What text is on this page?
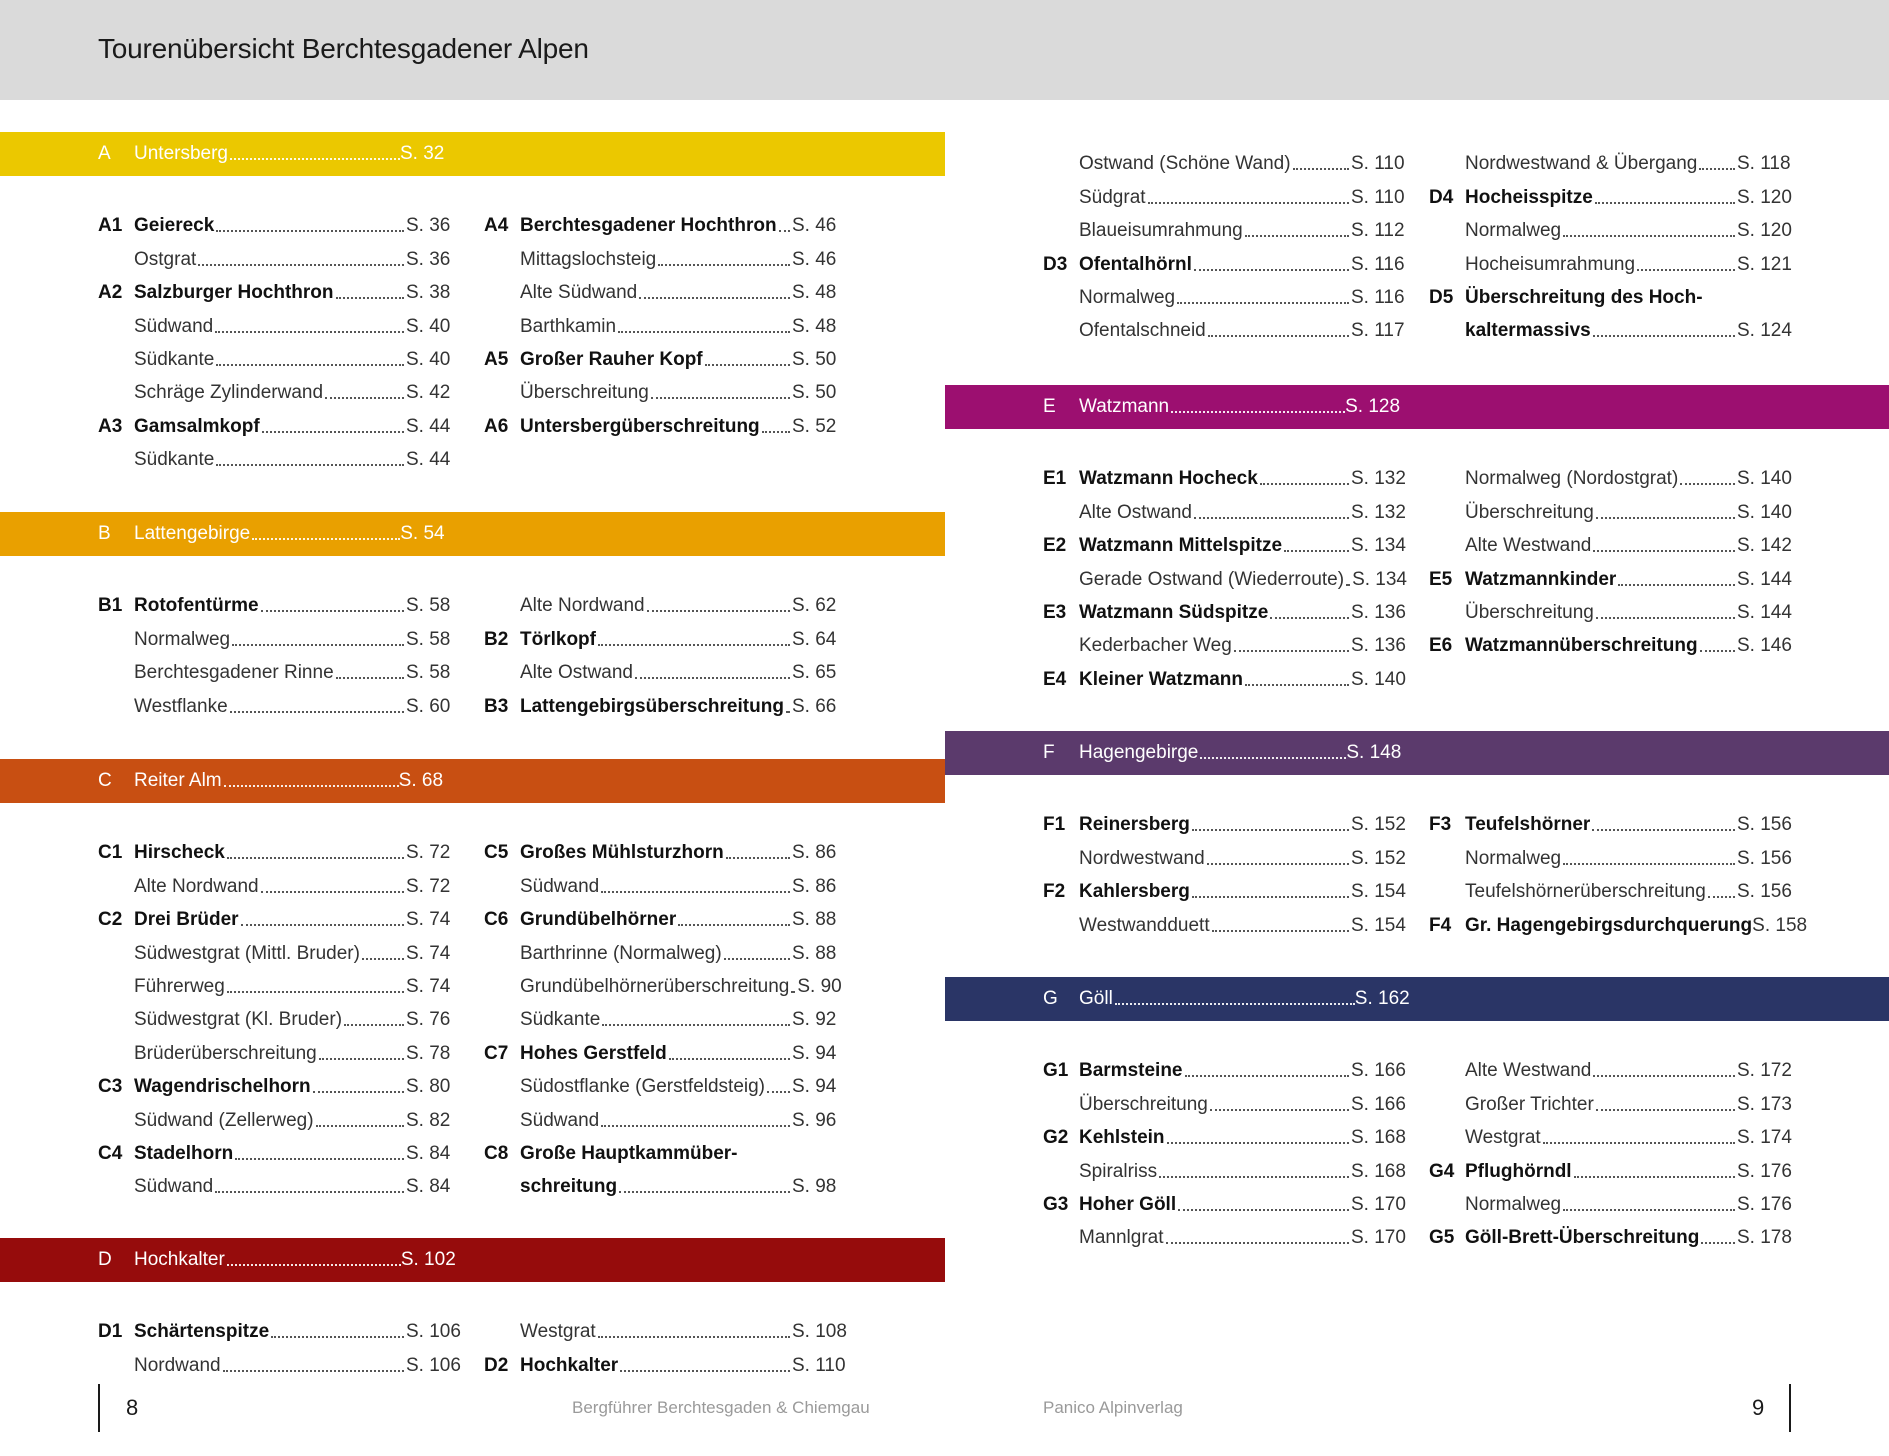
Tourenübersicht Berchtesgadener Alpen
A	Untersberg	S. 32
B	Lattengebirge	S. 54
C	Reiter Alm	S. 68
D	Hochkalter	S. 102
E	Watzmann	S. 128
F	Hagengebirge	S. 148
G	Göll	S. 162
A1 Geiereck	S. 36
Ostgrat	S. 36
A2 Salzburger Hochthron	S. 38
Südwand	S. 40
Südkante	S. 40
Schräge Zylinderwand	S. 42
A3 Gamsalmkopf	S. 44
Südkante	S. 44
A4 Berchtesgadener Hochthron S. 46
Mittagslochsteig	S. 46
Alte Südwand	S. 48
Barthkamin	S. 48
A5 Großer Rauher Kopf	S. 50
Überschreitung	S. 50
A6 Untersbergüberschreitung S. 52
B1 Rotofentürme	S. 58
Normalweg	S. 58
Berchtesgadener Rinne	S. 58
Westflanke	S. 60
Alte Nordwand	S. 62
B2 Törlkopf	S. 64
Alte Ostwand	S. 65
B3 Lattengebirgsüberschreitung S. 66
C1 Hirscheck	S. 72
Alte Nordwand	S. 72
C2 Drei Brüder	S. 74
Südwestgrat (Mittl. Bruder) S. 74
Führerweg	S. 74
Südwestgrat (Kl. Bruder)	S. 76
Brüderüberschreitung	S. 78
C3 Wagendrischelhorn	S. 80
Südwand (Zellerweg)	S. 82
C4 Stadelhorn	S. 84
Südwand	S. 84
C5 Großes Mühlsturzhorn	S. 86
Südwand	S. 86
C6 Grundübelhörner	S. 88
Barthrinne (Normalweg)	S. 88
Grundübelhörnerüberschreitung S. 90
Südkante	S. 92
C7 Hohes Gerstfeld	S. 94
Südostflanke (Gerstfeldsteig) S. 94
Südwand	S. 96
C8 Große Hauptkammüber-
schreitung	S. 98
D1 Schärtenspitze	S. 106
Nordwand	S. 106
Westgrat	S. 108
D2 Hochkalter	S. 110
Ostwand (Schöne Wand)	S. 110
Südgrat	S. 110
Blaueisumrahmung	S. 112
D3 Ofentalhörnl	S. 116
Normalweg	S. 116
Ofentalschneid	S. 117
Nordwestwand & Übergang S. 118
D4 Hocheisspitze	S. 120
Normalweg	S. 120
Hocheisumrahmung	S. 121
D5 Überschreitung des Hoch-
kaltermassivs	S. 124
E1 Watzmann Hocheck	S. 132
Alte Ostwand	S. 132
E2 Watzmann Mittelspitze	S. 134
Gerade Ostwand (Wiederroute) S. 134
E3 Watzmann Südspitze	S. 136
Kederbacher Weg	S. 136
E4 Kleiner Watzmann	S. 140
Normalweg (Nordostgrat)	S. 140
Überschreitung	S. 140
Alte Westwand	S. 142
E5 Watzmannkinder	S. 144
Überschreitung	S. 144
E6 Watzmannüberschreitung S. 146
F1 Reinersberg	S. 152
Nordwestwand	S. 152
F2 Kahlersberg	S. 154
Westwandduett	S. 154
F3 Teufelshörner	S. 156
Normalweg	S. 156
Teufelshörnerüberschreitung S. 156
F4 Gr. Hagengebirgsdurchquerung S. 158
G1 Barmsteine	S. 166
Überschreitung	S. 166
G2 Kehlstein	S. 168
Spiralriss	S. 168
G3 Hoher Göll	S. 170
Mannlgrat	S. 170
Alte Westwand	S. 172
Großer Trichter	S. 173
Westgrat	S. 174
G4 Pflughörndl	S. 176
Normalweg	S. 176
G5 Göll-Brett-Überschreitung S. 178
8	Bergführer Berchtesgaden & Chiemgau	Panico Alpinverlag	9
